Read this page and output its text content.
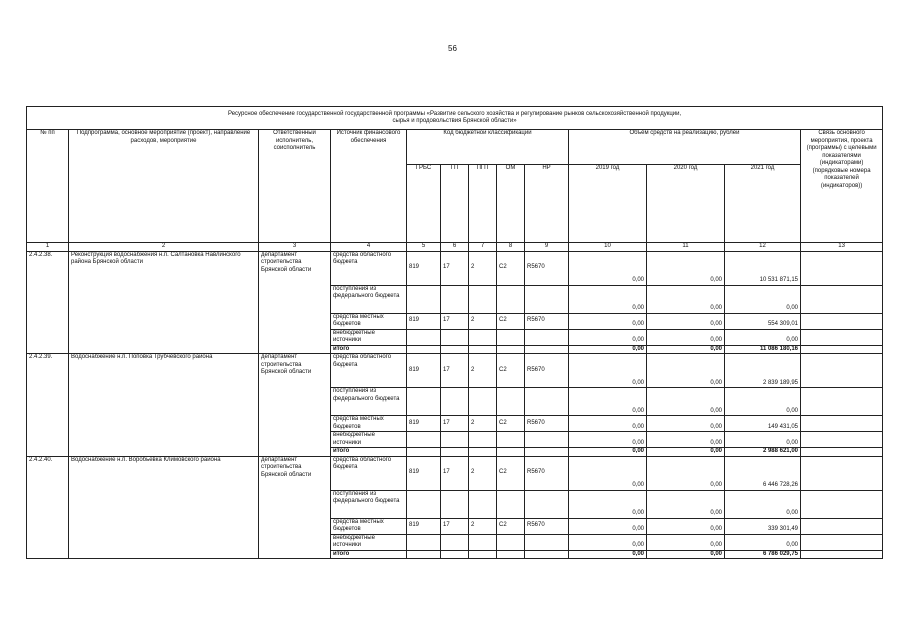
56
Ресурсное обеспечение государственной государственной программы «Развитие сельского хозяйства и регулирование рынков сельскохозяйственной продукции,
сырья и продовольствия Брянской области»												

№ пп	Подпрограмма, основное мероприятие (проект), направление расходов, мероприятие	Ответственный исполнитель, соисполнитель	Источник финансового обеспечения	Код бюджетной классификации					Объём средств на реализацию, рублей			Связь основного мероприятия, проекта (программы) с целевыми показателями (индикаторами) (порядковые номера показателей (индикаторов))
				ГРБС	ГП	ПГП	ОМ	НР	2019 год	2020 год	2021 год	
1	2	3	4	5	6	7	8	9	10	11	12	13
2.4.2.38.	Реконструкция водоснабжения н.п. Салтановка Навлинского района Брянской области	департамент строительства Брянской области	средства областного бюджета	819	17	2	C2	R5670	0,00	0,00	10 531 871,15	
			поступления из федерального бюджета						0,00	0,00	0,00	
			средства местных бюджетов	819	17	2	C2	R5670	0,00	0,00	554 309,01	
			внебюджетные источники						0,00	0,00	0,00	
			итого						0,00	0,00	11 086 180,16	
2.4.2.39.	Водоснабжение н.п. Поповка Трубчевского района	департамент строительства Брянской области	средства областного бюджета	819	17	2	C2	R5670	0,00	0,00	2 839 189,95	
			поступления из федерального бюджета						0,00	0,00	0,00	
			средства местных бюджетов	819	17	2	C2	R5670	0,00	0,00	149 431,05	
			внебюджетные источники						0,00	0,00	0,00	
			итого						0,00	0,00	2 988 621,00	
2.4.2.40.	Водоснабжение н.п. Воробьевка Климовского района	департамент строительства Брянской области	средства областного бюджета	819	17	2	C2	R5670	0,00	0,00	6 446 728,26	
			поступления из федерального бюджета						0,00	0,00	0,00	
			средства местных бюджетов	819	17	2	C2	R5670	0,00	0,00	339 301,49	
			внебюджетные источники						0,00	0,00	0,00	
			итого						0,00	0,00	6 786 029,75	
